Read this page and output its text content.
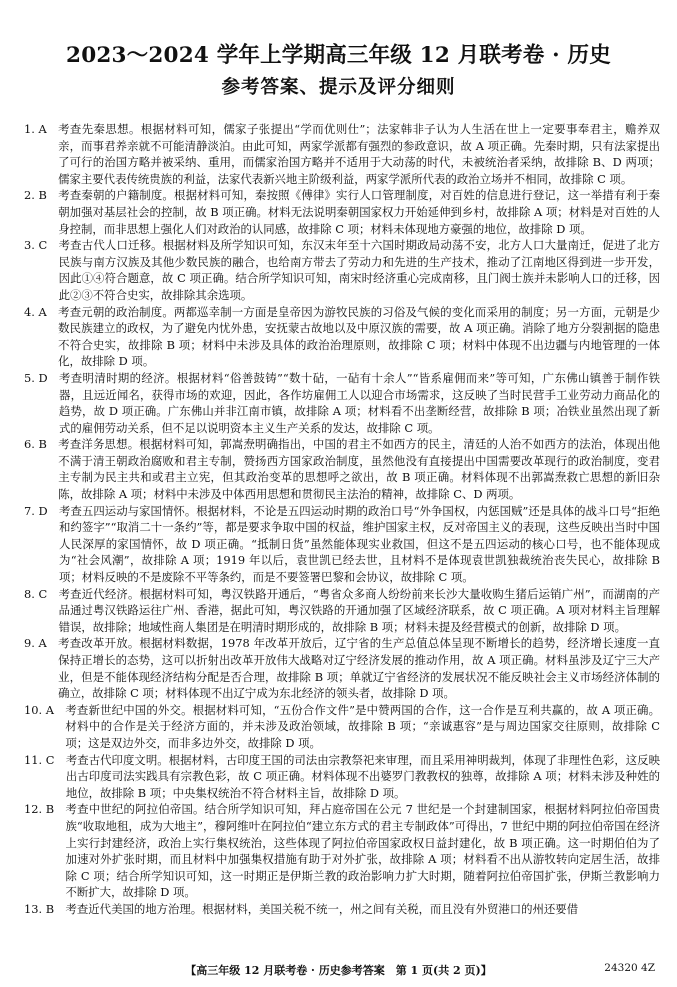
2023～2024 学年上学期高三年级 12 月联考卷 · 历史
参考答案、提示及评分细则
1. A　 考查先秦思想。根据材料可知，儒家子张提出“学而优则仕”；法家韩非子认为人生活在世上一定要事奉君主，赡养双亲，而事君养亲就不可能清静淡泊。由此可知，两家学派都有强烈的参政意识，故 A 项正确。先秦时期，只有法家提出了可行的治国方略并被采纳、重用，而儒家治国方略并不适用于大动荡的时代，未被统治者采纳，故排除 B、D 两项；儒家主要代表传统贵族的利益，法家代表新兴地主阶级利益，两家学派所代表的政治立场并不相同，故排除 C 项。
2. B　 考查秦朝的户籍制度。根据材料可知，秦按照《傅律》实行人口管理制度，对百姓的信息进行登记，这一举措有利于秦朝加强对基层社会的控制，故 B 项正确。材料无法说明秦朝国家权力开始延伸到乡村，故排除 A 项；材料是对百姓的人身控制，而非思想上强化人们对政治的认同感，故排除 C 项；材料未体现地方豪强的地位，故排除 D 项。
3. C　 考查古代人口迁移。根据材料及所学知识可知，东汉末年至十六国时期政局动荡不安，北方人口大量南迁，促进了北方民族与南方汉族及其他少数民族的融合，也给南方带去了劳动力和先进的生产技术，推动了江南地区得到进一步开发，因此①④符合题意，故 C 项正确。结合所学知识可知，南宋时经济重心完成南移，且门阀士族并未影响人口的迁移，因此②③不符合史实，故排除其余选项。
4. A　 考查元朝的政治制度。两都巡幸制一方面是皇帝因为游牧民族的习俗及气候的变化而采用的制度；另一方面，元朝是少数民族建立的政权，为了避免内忧外患，安抚蒙古故地以及中原汉族的需要，故 A 项正确。消除了地方分裂割据的隐患不符合史实，故排除 B 项；材料中未涉及具体的政治治理原则，故排除 C 项；材料中体现不出边疆与内地管理的一体化，故排除 D 项。
5. D　 考查明清时期的经济。根据材料“俗善鼓铸”“数十砧，一砧有十余人”“皆系雇佣而来”等可知，广东佛山镇善于制作铁器，且远近闻名，获得市场的欢迎，因此，各作坊雇佣工人以迎合市场需求，这反映了当时民营手工业劳动力商品化的趋势，故 D 项正确。广东佛山并非江南市镇，故排除 A 项；材料看不出垄断经营，故排除 B 项；冶铁业虽然出现了新式的雇佣劳动关系，但不足以说明资本主义生产关系的发达，故排除 C 项。
6. B　 考查洋务思想。根据材料可知，郭嵩焘明确指出，中国的君主不如西方的民主，清廷的人治不如西方的法治，体现出他不满于清王朝政治腐败和君主专制，赞扬西方国家政治制度，虽然他没有直接提出中国需要改革现行的政治制度，变君主专制为民主共和或君主立宪，但其政治变革的思想呼之欲出，故 B 项正确。材料体现不出郭嵩焘救亡思想的新旧杂陈，故排除 A 项；材料中未涉及中体西用思想和贯彻民主法治的精神，故排除 C、D 两项。
7. D　 考查五四运动与家国情怀。根据材料，不论是五四运动时期的政治口号“外争国权，内惩国贼”还是具体的战斗口号“拒绝和约签字”“取消二十一条约”等，都是要求争取中国的权益，维护国家主权，反对帝国主义的表现，这些反映出当时中国人民深厚的家国情怀，故 D 项正确。“抵制日货”虽然能体现实业救国，但这不是五四运动的核心口号，也不能体现成为“社会风潮”，故排除 A 项；1919 年以后，袁世凯已经去世，且材料不是体现袁世凯独裁统治丧失民心，故排除 B 项；材料反映的不是废除不平等条约，而是不要签署巴黎和会协议，故排除 C 项。
8. C　 考查近代经济。根据材料可知，粤汉铁路开通后，“粤省众多商人纷纷前来长沙大量收购生猪后运销广州”，而湖南的产品通过粤汉铁路运往广州、香港，据此可知，粤汉铁路的开通加强了区域经济联系，故 C 项正确。A 项对材料主旨理解错误，故排除；地域性商人集团是在明清时期形成的，故排除 B 项；材料未提及经营模式的创新，故排除 D 项。
9. A　 考查改革开放。根据材料数据，1978 年改革开放后，辽宁省的生产总值总体呈现不断增长的趋势，经济增长速度一直保持正增长的态势，这可以折射出改革开放伟大战略对辽宁经济发展的推动作用，故 A 项正确。材料虽涉及辽宁三大产业，但是不能体现经济结构分配是否合理，故排除 B 项；单就辽宁省经济的发展状况不能反映社会主义市场经济体制的确立，故排除 C 项；材料体现不出辽宁成为东北经济的领头者，故排除 D 项。
10. A　 考查新世纪中国的外交。根据材料可知，“五份合作文件”是中赞两国的合作，这一合作是互利共赢的，故 A 项正确。材料中的合作是关于经济方面的，并未涉及政治领域，故排除 B 项；“亲诚惠容”是与周边国家交往原则，故排除 C 项；这是双边外交，而非多边外交，故排除 D 项。
11. C　 考查古代印度文明。根据材料，古印度王国的司法由宗教祭祀来审理，而且采用神明裁判，体现了非理性色彩，这反映出古印度司法实践具有宗教色彩，故 C 项正确。材料体现不出婆罗门教教权的独尊，故排除 A 项；材料未涉及种姓的地位，故排除 B 项；中央集权统治不符合材料主旨，故排除 D 项。
12. B　 考查中世纪的阿拉伯帝国。结合所学知识可知，拜占庭帝国在公元 7 世纪是一个封建制国家，根据材料阿拉伯帝国贵族“收取地租，成为大地主”，穆阿维叶在阿拉伯“建立东方式的君主专制政体”可得出，7 世纪中期的阿拉伯帝国在经济上实行封建经济，政治上实行集权统治，这些体现了阿拉伯帝国家政权日益封建化，故 B 项正确。这一时期伯伯为了加速对外扩张时期，而且材料中加强集权措施有助于对外扩张，故排除 A 项；材料看不出从游牧转向定居生活，故排除 C 项；结合所学知识可知，这一时期正是伊斯兰教的政治影响力扩大时期，随着阿拉伯帝国扩张，伊斯兰教影响力不断扩大，故排除 D 项。
13. B　 考查近代美国的地方治理。根据材料，美国关税不统一，州之间有关税，而且没有外贸港口的州还要借
【高三年级 12 月联考卷 · 历史参考答案　第 1 页(共 2 页)】	24320 4Z
